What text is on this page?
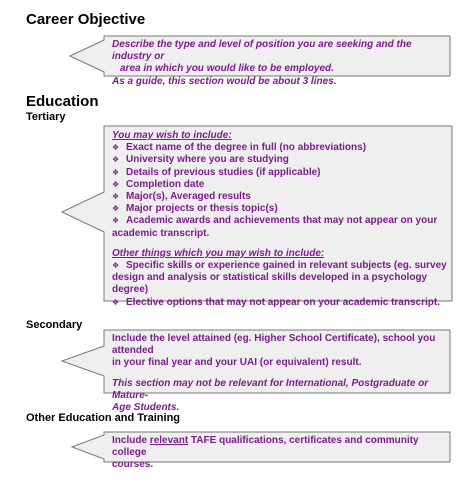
Career Objective
Describe the type and level of position you are seeking and the industry or
area in which you would like to be employed.
As a guide, this section would be about 3 lines.
Education
Tertiary
You may wish to include:
❖ Exact name of the degree in full (no abbreviations)
❖ University where you are studying
❖ Details of previous studies (if applicable)
❖ Completion date
❖ Major(s), Averaged results
❖ Major projects or thesis topic(s)
❖ Academic awards and achievements that may not appear on your
academic transcript.
Other things which you may wish to include:
❖ Specific skills or experience gained in relevant subjects (eg. survey
design and analysis or statistical skills developed in a psychology degree)
❖ Elective options that may not appear on your academic transcript.
Secondary
Include the level attained (eg. Higher School Certificate), school you attended
in your final year and your UAI (or equivalent) result.
This section may not be relevant for International, Postgraduate or Mature-
Age Students.
Other Education and Training
Include relevant TAFE qualifications, certificates and community college
courses.
